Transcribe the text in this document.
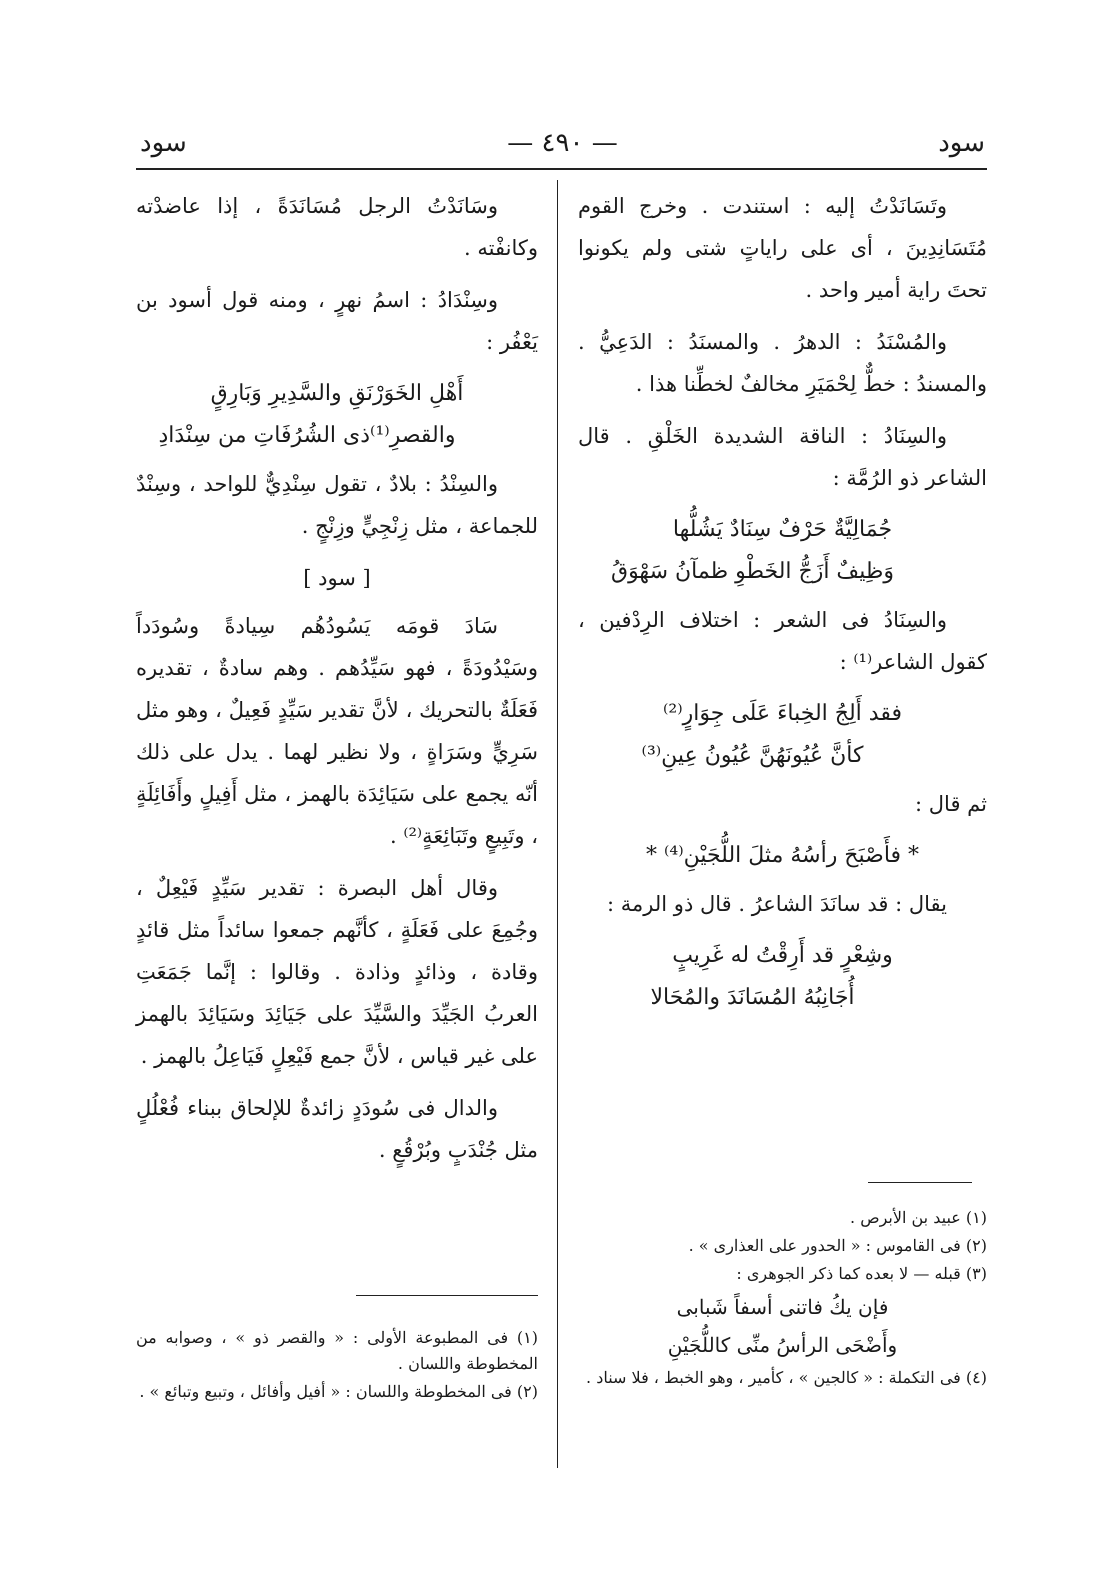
سود
— ٤٩٠ —
سود

وتَسَانَدْتُ إليه : استندت . وخرج القوم مُتَسَانِدِينَ ، أى على راياتٍ شتى ولم يكونوا تحتَ راية أمير واحد .

والمُسْنَدُ : الدهرُ . والمسنَدُ : الدَعِيُّ . والمسندُ : خطٌّ لِحْمَيَرِ مخالفٌ لخطِّنا هذا .

والسِنَادُ : الناقة الشديدة الخَلْقِ . قال الشاعر ذو الرُمَّة :

جُمَالِيَّةٌ حَرْفٌ سِنَادٌ يَشُلُّها
وَظِيفٌ أَزَجُّ الخَطْوِ ظمآنُ سَهْوَقُ

والسِنَادُ فى الشعر : اختلاف الرِدْفين ، كقول الشاعر⁽¹⁾ :

فقد أَلِجُ الخِباءَ عَلَى جِوَارٍ⁽²⁾
كأنَّ عُيُونَهُنَّ عُيُونُ عِينِ⁽³⁾

ثم قال :

* فأَصْبَحَ رأسُهُ مثلَ اللُّجَيْنِ⁽⁴⁾ *

يقال : قد سانَدَ الشاعرُ . قال ذو الرمة :

وشِعْرٍ قد أَرِقْتُ له غَرِيبٍ
أُجَانِبُهُ المُسَانَدَ والمُحَالا

وسَانَدْتُ الرجل مُسَانَدَةً ، إذا عاضدْته وكانفْته .

وسِنْدَادُ : اسمُ نهرٍ ، ومنه قول أسود بن يَعْفُر :

أَهْلِ الخَوَرْنَقِ والسَّدِيرِ وَبَارِقٍ
والقصرِ⁽¹⁾ذى الشُرُفَاتِ من سِنْدَادِ

والسِنْدُ : بلادٌ ، تقول سِنْدِيٌّ للواحد ، وسِنْدٌ للجماعة ، مثل زِنْجِيٍّ وزِنْجٍ .

[ سود ]

سَادَ قومَه يَسُودُهُم سِيادةً وسُودَداً وسَيْدُودَةً ، فهو سَيِّدُهم . وهم سادةٌ ، تقديره فَعَلَةٌ بالتحريك ، لأنَّ تقدير سَيِّدٍ فَعِيلٌ ، وهو مثل سَرِيٍّ وسَرَاةٍ ، ولا نظير لهما . يدل على ذلك أنّه يجمع على سَيَائِدَة بالهمز ، مثل أَفِيلٍ وأَفَائِلَةٍ ، وتَبِيعٍ وتَبَائِعَةٍ⁽²⁾ .

وقال أهل البصرة : تقدير سَيِّدٍ فَيْعِلٌ ، وجُمِعَ على فَعَلَةٍ ، كأنَّهم جمعوا سائداً مثل قائدٍ وقادة ، وذائدٍ وذادة . وقالوا : إنَّما جَمَعَتِ العربُ الجَيِّدَ والسَّيِّدَ على جَيَائِدَ وسَيَائِدَ بالهمز على غير قياس ، لأنَّ جمع فَيْعِلٍ فَيَاعِلُ بالهمز .

والدال فى سُودَدٍ زائدةٌ للإلحاق ببناء فُعْلُلٍ مثل جُنْدَبٍ وبُرْقُعٍ .

(١) عبيد بن الأبرص .
(٢) فى القاموس : « الحدور على العذارى » .
(٣) قبله — لا بعده كما ذكر الجوهرى :
فإن يكُ فاتنى أسفاً شَبابى
وأَضْحَى الرأسُ منِّى كاللُّجَيْنِ
(٤) فى التكملة : « كالجين » ، كأمير ، وهو الخبط ، فلا سناد .
(١) فى المطبوعة الأولى : « والقصر ذو » ، وصوابه من المخطوطة واللسان .
(٢) فى المخطوطة واللسان : « أفيل وأفائل ، وتبيع وتبائع » .
